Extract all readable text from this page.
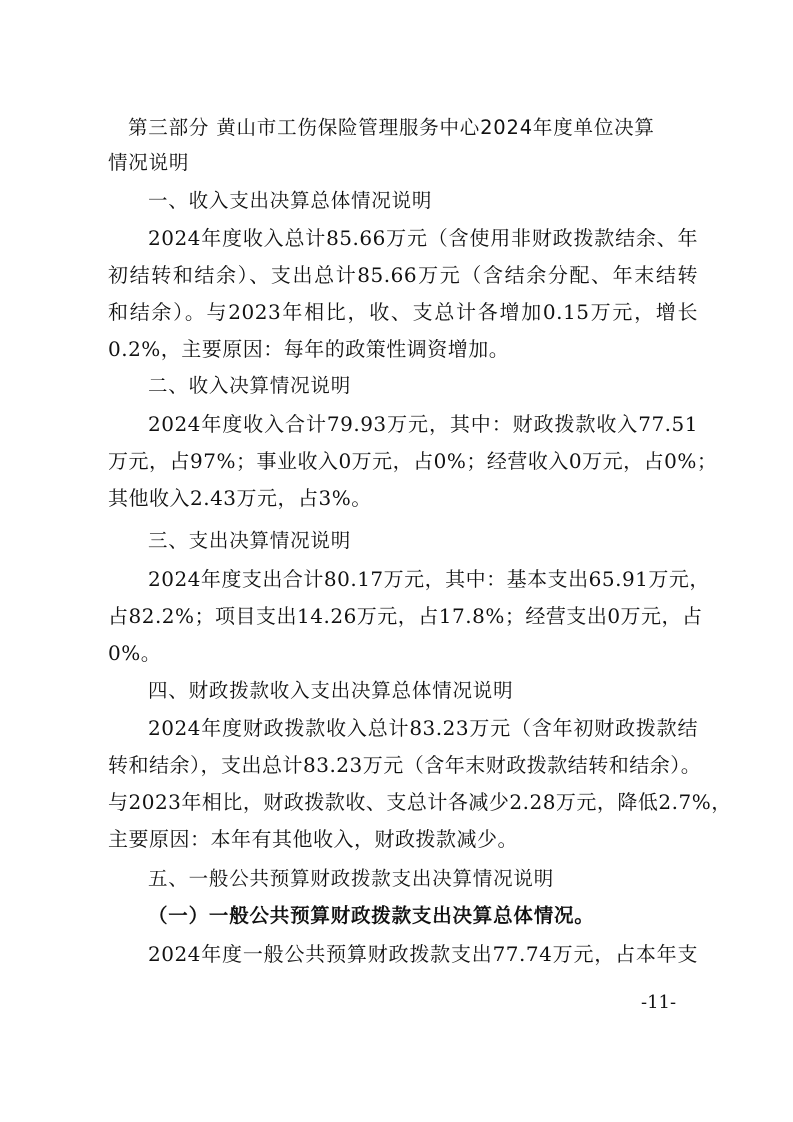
第三部分 黄山市工伤保险管理服务中心2024年度单位决算
情况说明
一、收入支出决算总体情况说明
2024年度收入总计85.66万元（含使用非财政拨款结余、年
初结转和结余）、支出总计85.66万元（含结余分配、年末结转
和结余）。与2023年相比，收、支总计各增加0.15万元，增长
0.2%，主要原因：每年的政策性调资增加。
二、收入决算情况说明
2024年度收入合计79.93万元，其中：财政拨款收入77.51
万元，占97%；事业收入0万元，占0%；经营收入0万元，占0%；
其他收入2.43万元，占3%。
三、支出决算情况说明
2024年度支出合计80.17万元，其中：基本支出65.91万元，
占82.2%；项目支出14.26万元，占17.8%；经营支出0万元，占
0%。
四、财政拨款收入支出决算总体情况说明
2024年度财政拨款收入总计83.23万元（含年初财政拨款结
转和结余），支出总计83.23万元（含年末财政拨款结转和结余）。
与2023年相比，财政拨款收、支总计各减少2.28万元，降低2.7%，
主要原因：本年有其他收入，财政拨款减少。
五、一般公共预算财政拨款支出决算情况说明
（一）一般公共预算财政拨款支出决算总体情况。
2024年度一般公共预算财政拨款支出77.74万元，占本年支
-11-
